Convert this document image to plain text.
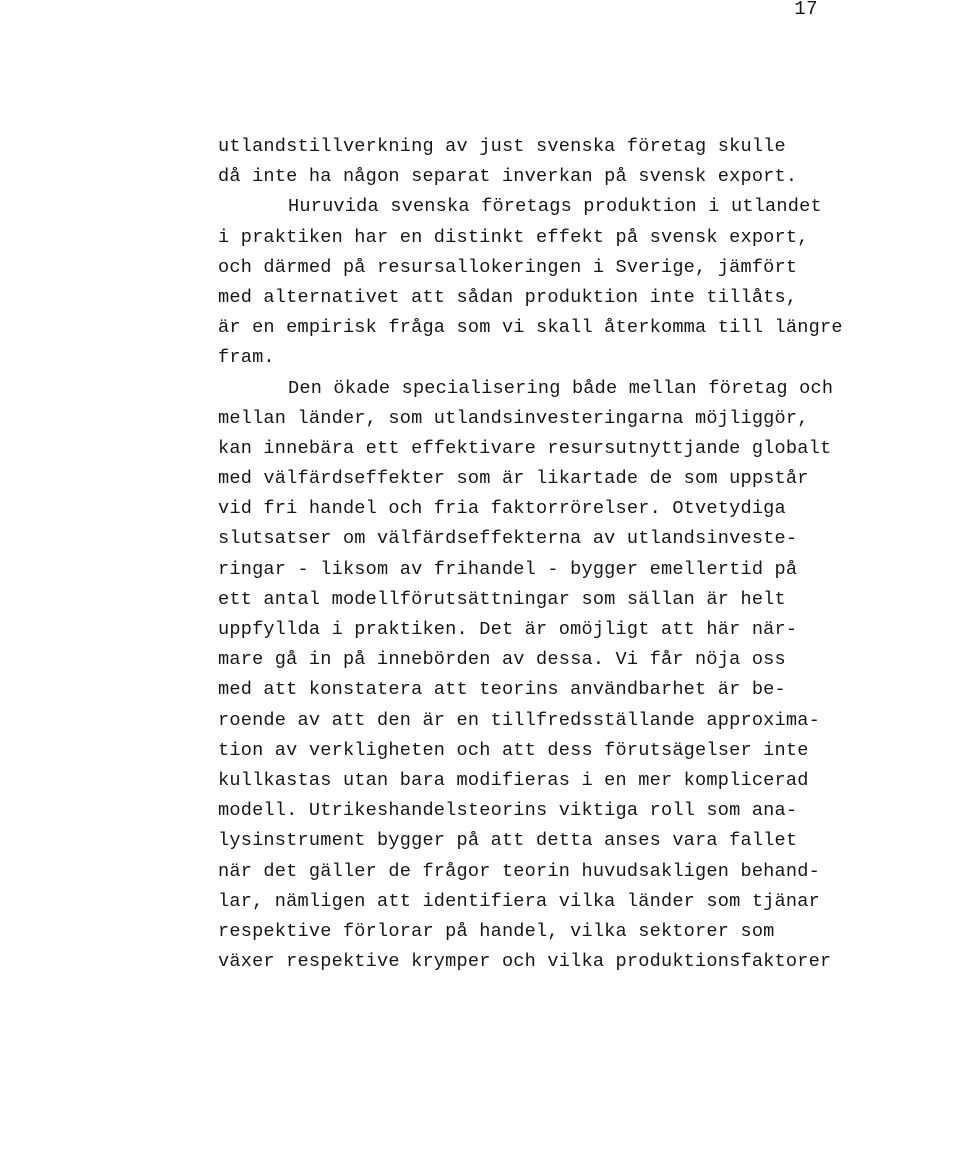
17
utlandstillverkning av just svenska företag skulle
då inte ha någon separat inverkan på svensk export.
Huruvida svenska företags produktion i utlandet
i praktiken har en distinkt effekt på svensk export,
och därmed på resursallokeringen i Sverige, jämfört
med alternativet att sådan produktion inte tillåts,
är en empirisk fråga som vi skall återkomma till längre
fram.
Den ökade specialisering både mellan företag och
mellan länder, som utlandsinvesteringarna möjliggör,
kan innebära ett effektivare resursutnyttjande globalt
med välfärdseffekter som är likartade de som uppstår
vid fri handel och fria faktorrörelser. Otvetydiga
slutsatser om välfärdseffekterna av utlandsinveste-
ringar - liksom av frihandel - bygger emellertid på
ett antal modellförutsättningar som sällan är helt
uppfyllda i praktiken. Det är omöjligt att här när-
mare gå in på innebörden av dessa. Vi får nöja oss
med att konstatera att teorins användbarhet är be-
roende av att den är en tillfredsställande approxima-
tion av verkligheten och att dess förutsägelser inte
kullkastas utan bara modifieras i en mer komplicerad
modell. Utrikeshandelsteorins viktiga roll som ana-
lysinstrument bygger på att detta anses vara fallet
när det gäller de frågor teorin huvudsakligen behand-
lar, nämligen att identifiera vilka länder som tjänar
respektive förlorar på handel, vilka sektorer som
växer respektive krymper och vilka produktionsfaktorer
